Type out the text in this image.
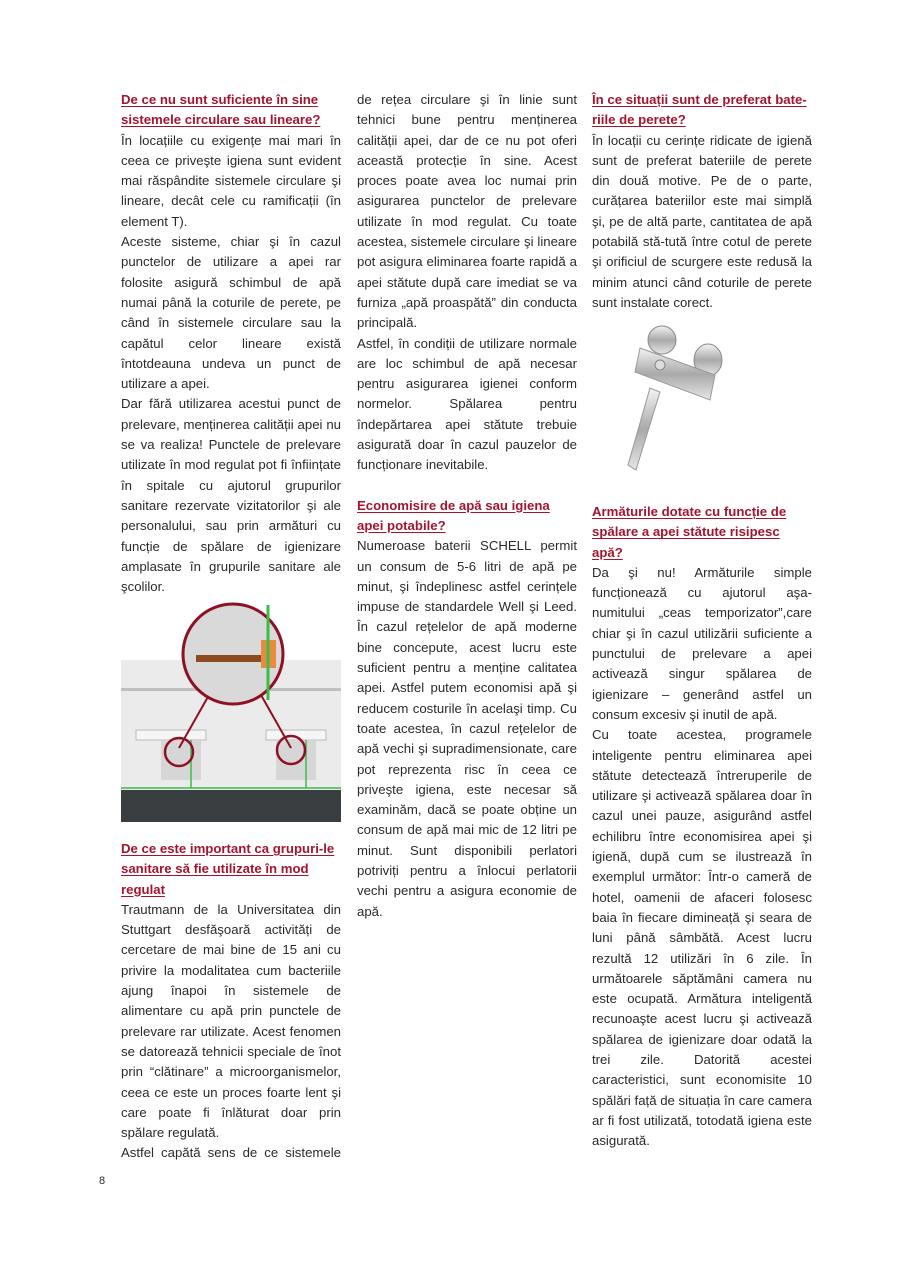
De ce nu sunt suficiente în sine sistemele circulare sau lineare?

În locațiile cu exigențe mai mari în ceea ce priveşte igiena sunt evident mai răspândite sistemele circulare şi lineare, decât cele cu ramificații (în element T).

Aceste sisteme, chiar şi în cazul punctelor de utilizare a apei rar folosite asigură schimbul de apă numai până la coturile de perete, pe când în sistemele circulare sau la capătul celor lineare există întotdeauna undeva un punct de utilizare a apei.

Dar fără utilizarea acestui punct de prelevare, menținerea calității apei nu se va realiza! Punctele de prelevare utilizate în mod regulat pot fi înființate în spitale cu ajutorul grupurilor sanitare rezervate vizitatorilor şi ale personalului, sau prin armături cu funcție de spălare de igienizare amplasate în grupurile sanitare ale şcolilor.

De ce este important ca grupuri-le sanitare să fie utilizate în mod regulat

Trautmann de la Universitatea din Stuttgart desfăşoară activități de cercetare de mai bine de 15 ani cu privire la modalitatea cum bacteriile ajung înapoi în sistemele de alimentare cu apă prin punctele de prelevare rar utilizate. Acest fenomen se datorează tehnicii speciale de înot prin “clătinare” a microorganismelor, ceea ce este un proces foarte lent şi care poate fi înlăturat doar prin spălare regulată.

Astfel capătă sens de ce sistemele

de rețea circulare şi în linie sunt tehnici bune pentru menținerea calității apei, dar de ce nu pot oferi această protecție în sine. Acest proces poate avea loc numai prin asigurarea punctelor de prelevare utilizate în mod regulat. Cu toate acestea, sistemele circulare şi lineare pot asigura eliminarea foarte rapidă a apei stătute după care imediat se va furniza „apă proaspătă” din conducta principală.

Astfel, în condiții de utilizare normale are loc schimbul de apă necesar pentru asigurarea igienei conform normelor. Spălarea pentru îndepărtarea apei stătute trebuie asigurată doar în cazul pauzelor de funcționare inevitabile.

Economisire de apă sau igiena apei potabile?

Numeroase baterii SCHELL permit un consum de 5-6 litri de apă pe minut, şi îndeplinesc astfel cerințele impuse de standardele Well şi Leed. În cazul rețelelor de apă moderne bine concepute, acest lucru este suficient pentru a menține calitatea apei. Astfel putem economisi apă şi reducem costurile în acelaşi timp. Cu toate acestea, în cazul rețelelor de apă vechi şi supradimensionate, care pot reprezenta risc în ceea ce priveşte igiena, este necesar să examinăm, dacă se poate obține un consum de apă mai mic de 12 litri pe minut. Sunt disponibili perlatori potriviți pentru a înlocui perlatorii vechi pentru a asigura economie de apă.

În ce situații sunt de preferat bate-riile de perete?

În locații cu cerințe ridicate de igienă sunt de preferat bateriile de perete din două motive. Pe de o parte, curățarea bateriilor este mai simplă şi, pe de altă parte, cantitatea de apă potabilă stă-tută între cotul de perete şi orificiul de scurgere este redusă la minim atunci când coturile de perete sunt instalate corect.

Armăturile dotate cu funcție de spălare a apei stătute risipesc apă?

Da şi nu! Armăturile simple funcționează cu ajutorul aşa-numitului „ceas temporizator”,care chiar şi în cazul utilizării suficiente a punctului de prelevare a apei activează singur spălarea de igienizare – generând astfel un consum excesiv şi inutil de apă.

Cu toate acestea, programele inteligente pentru eliminarea apei stătute detectează întreruperile de utilizare şi activează spălarea doar în cazul unei pauze, asigurând astfel echilibru între economisirea apei şi igienă, după cum se ilustrează în exemplul următor: Într-o cameră de hotel, oamenii de afaceri folosesc baia în fiecare dimineață şi seara de luni până sâmbătă. Acest lucru rezultă 12 utilizări în 6 zile. În următoarele săptămâni camera nu este ocupată. Armătura inteligentă recunoaşte acest lucru şi activează spălarea de igienizare doar odată la trei zile. Datorită acestei caracteristici, sunt economisite 10 spălări față de situația în care camera ar fi fost utilizată, totodată igiena este asigurată.

8
